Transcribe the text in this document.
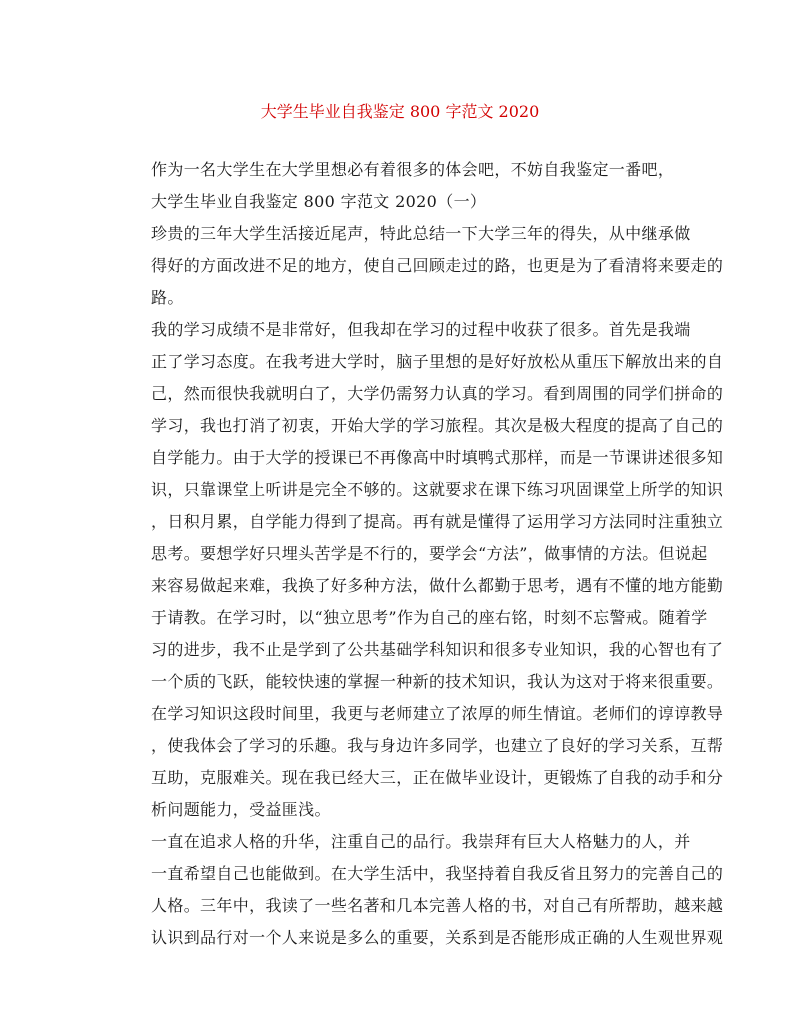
大学生毕业自我鉴定 800 字范文 2020

作为一名大学生在大学里想必有着很多的体会吧，不妨自我鉴定一番吧，

大学生毕业自我鉴定 800 字范文 2020（一）

珍贵的三年大学生活接近尾声，特此总结一下大学三年的得失，从中继承做
得好的方面改进不足的地方，使自己回顾走过的路，也更是为了看清将来要走的
路。

我的学习成绩不是非常好，但我却在学习的过程中收获了很多。首先是我端
正了学习态度。在我考进大学时，脑子里想的是好好放松从重压下解放出来的自
己，然而很快我就明白了，大学仍需努力认真的学习。看到周围的同学们拼命的
学习，我也打消了初衷，开始大学的学习旅程。其次是极大程度的提高了自己的
自学能力。由于大学的授课已不再像高中时填鸭式那样，而是一节课讲述很多知
识，只靠课堂上听讲是完全不够的。这就要求在课下练习巩固课堂上所学的知识
，日积月累，自学能力得到了提高。再有就是懂得了运用学习方法同时注重独立
思考。要想学好只埋头苦学是不行的，要学会“方法”，做事情的方法。但说起
来容易做起来难，我换了好多种方法，做什么都勤于思考，遇有不懂的地方能勤
于请教。在学习时，以“独立思考”作为自己的座右铭，时刻不忘警戒。随着学
习的进步，我不止是学到了公共基础学科知识和很多专业知识，我的心智也有了
一个质的飞跃，能较快速的掌握一种新的技术知识，我认为这对于将来很重要。
在学习知识这段时间里，我更与老师建立了浓厚的师生情谊。老师们的谆谆教导
，使我体会了学习的乐趣。我与身边许多同学，也建立了良好的学习关系，互帮
互助，克服难关。现在我已经大三，正在做毕业设计，更锻炼了自我的动手和分
析问题能力，受益匪浅。

一直在追求人格的升华，注重自己的品行。我崇拜有巨大人格魅力的人，并
一直希望自己也能做到。在大学生活中，我坚持着自我反省且努力的完善自己的
人格。三年中，我读了一些名著和几本完善人格的书，对自己有所帮助，越来越
认识到品行对一个人来说是多么的重要，关系到是否能形成正确的人生观世界观
